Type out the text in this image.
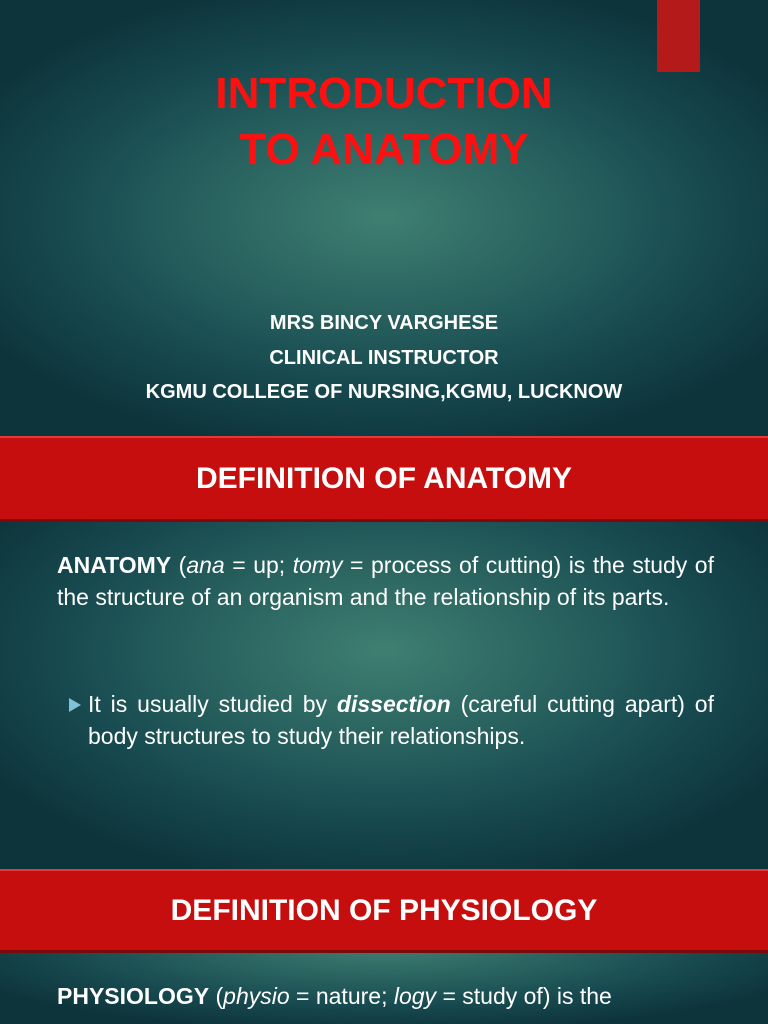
INTRODUCTION
TO ANATOMY
MRS BINCY VARGHESE
CLINICAL INSTRUCTOR
KGMU COLLEGE OF NURSING,KGMU, LUCKNOW
DEFINITION OF ANATOMY

ANATOMY (ana = up; tomy = process of cutting) is the study of the structure of an organism and the relationship of its parts.

It is usually studied by dissection (careful cutting apart) of body structures to study their relationships.
DEFINITION OF PHYSIOLOGY

PHYSIOLOGY (physio = nature; logy = study of) is the
